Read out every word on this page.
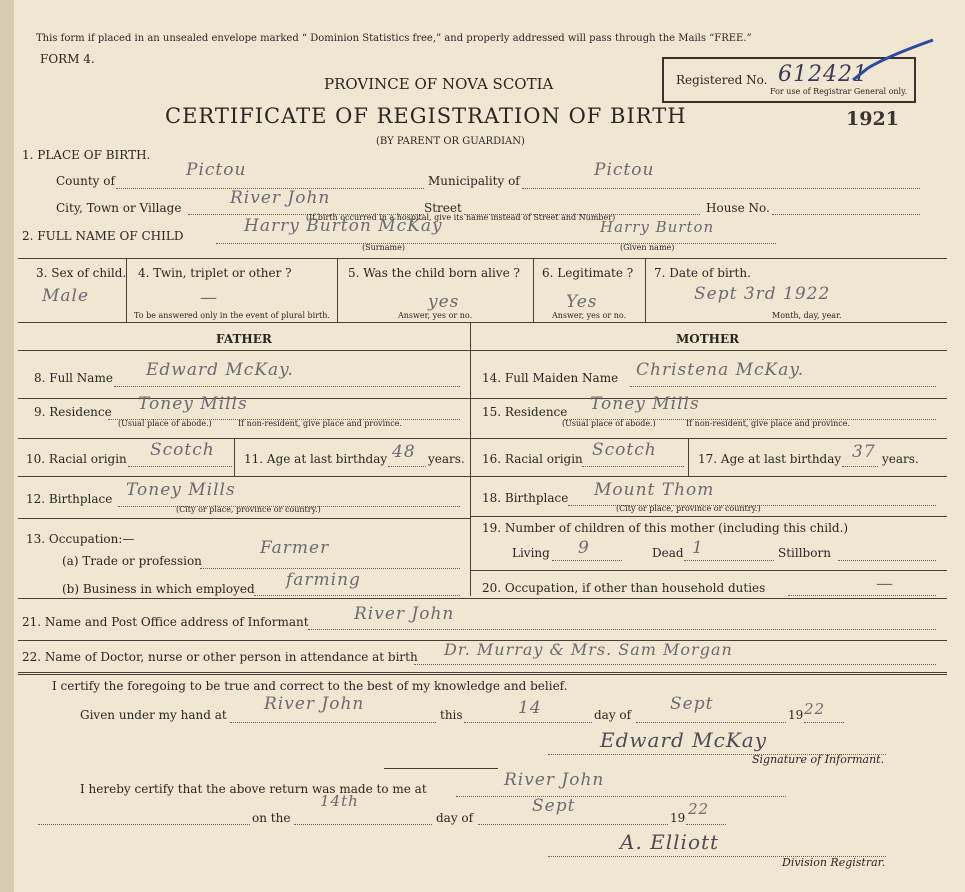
This form if placed in an unsealed envelope marked “ Dominion Statistics free,” and properly addressed will pass through the Mails “FREE.”
FORM 4.
PROVINCE OF NOVA SCOTIA
CERTIFICATE OF REGISTRATION OF BIRTH
(BY PARENT OR GUARDIAN)
Registered No. 612421
For use of Registrar General only.
1921
1. PLACE OF BIRTH.
County of
Pictou
Municipality of
Pictou
City, Town or Village	River John	Street	House No.
(If birth occurred in a hospital, give its name instead of Street and Number)
2. FULL NAME OF CHILD	Harry Burton McKay	Harry Burton
(Surname)	(Given name)
3. Sex of child.
Male
4. Twin, triplet or other ?
—
To be answered only in the event of plural birth.
5. Was the child born alive ?
yes
Answer, yes or no.
6. Legitimate ?
Yes
Answer, yes or no.
7. Date of birth.
Sept 3rd 1922
Month, day, year.
FATHER	MOTHER
8. Full Name Edward McKay.
9. Residence Toney Mills
(Usual place of abode.)	If non-resident, give place and province.
10. Racial origin Scotch 11. Age at last birthday 48 years.
12. Birthplace Toney Mills
(City or place, province or country.)
13. Occupation:—
(a) Trade or profession
Farmer
(b) Business in which employed farming
14. Full Maiden Name Christena McKay.
15. Residence Toney Mills
(Usual place of abode.)	If non-resident, give place and province.
16. Racial origin Scotch	17. Age at last birthday 37 years.
18. Birthplace Mount Thom
(City or place, province or country.)
19. Number of children of this mother (including this child.)
Living 9	Dead 1	Stillborn
20. Occupation, if other than household duties	—
21. Name and Post Office address of Informant	River John
22. Name of Doctor, nurse or other person in attendance at birth Dr. Murray & Mrs. Sam Morgan
I certify the foregoing to be true and correct to the best of my knowledge and belief.
Given under my hand at
River John
this	14	day of
Sept
19 22
Edward McKay
Signature of Informant.
I hereby certify that the above return was made to me at	River John
on the
14th
day of
Sept
19 22
A. Elliott
Division Registrar.
